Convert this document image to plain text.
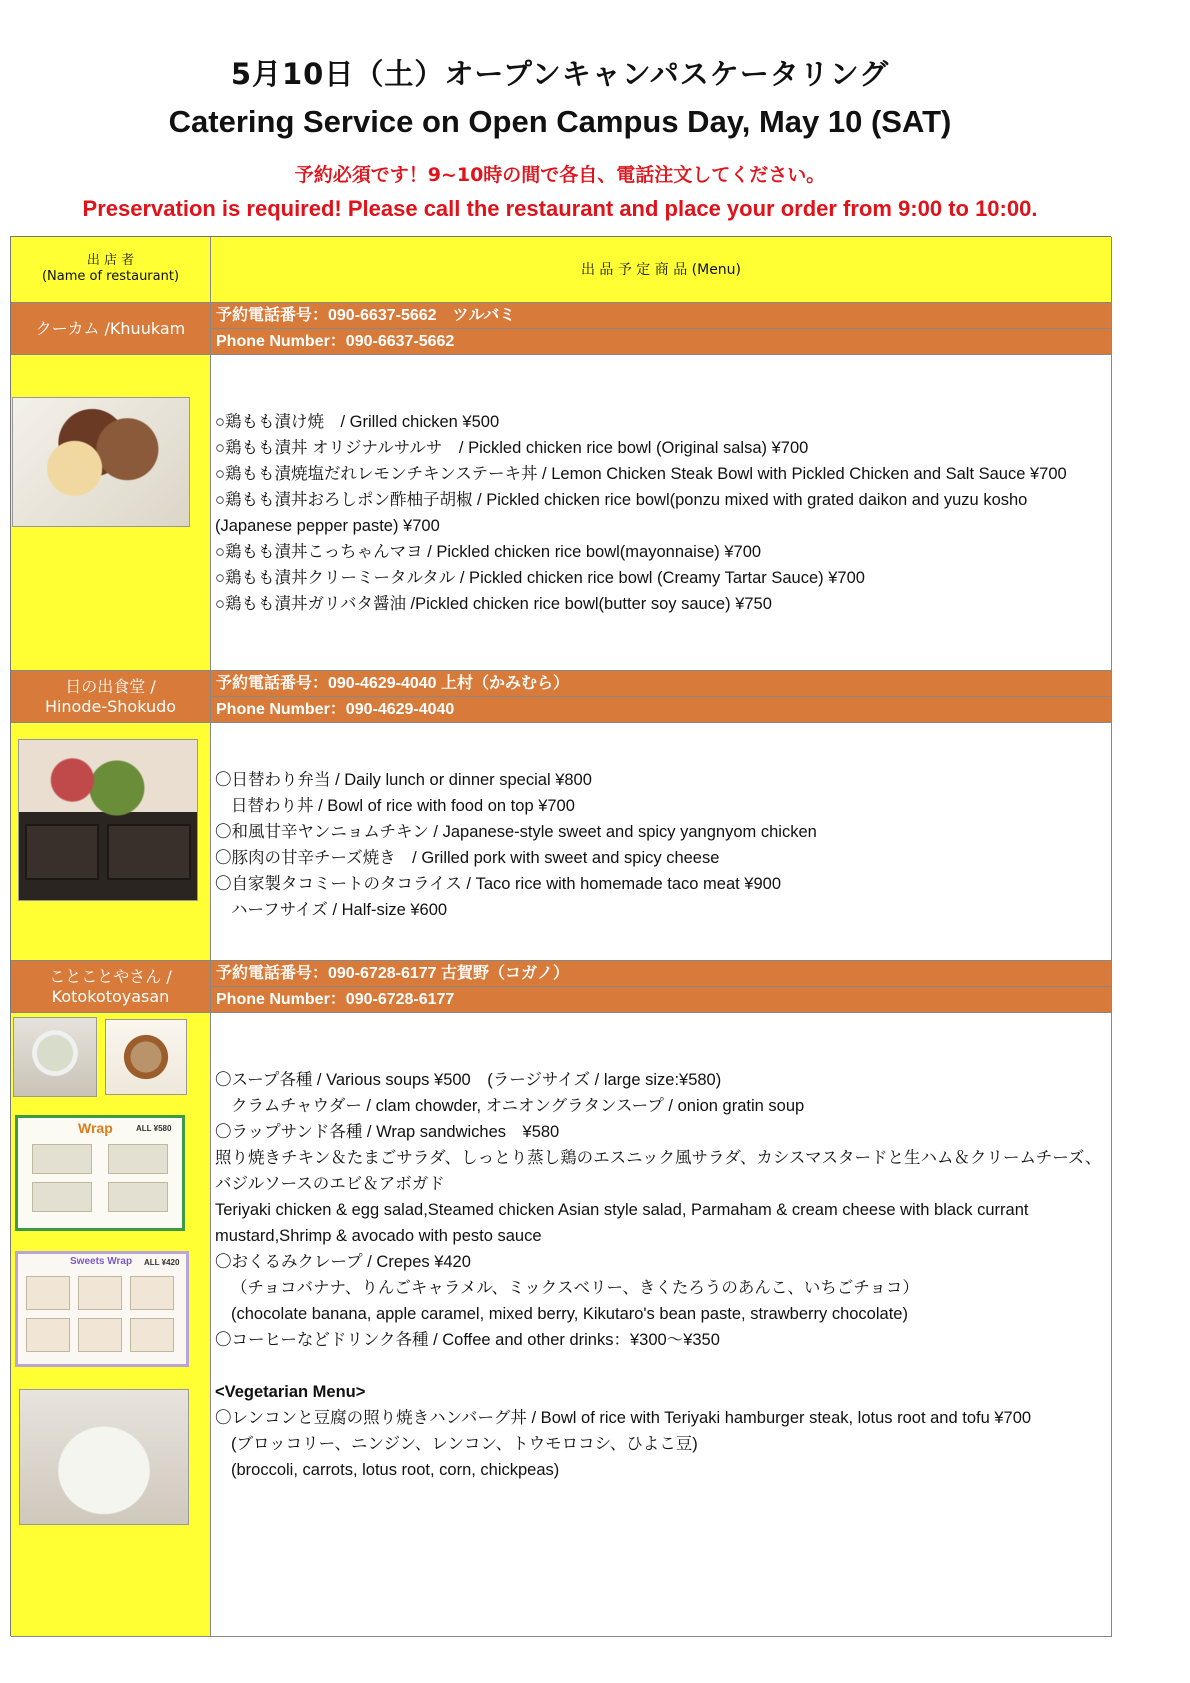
5月10日（土）オープンキャンパスケータリング
Catering Service on Open Campus Day, May 10 (SAT)
予約必須です！9~10時の間で各自、電話注文してください。
Preservation is required! Please call the restaurant and place your order from 9:00 to 10:00.
出 店 者
(Name of restaurant)	出 品 予 定 商 品 (Menu)
クーカム /Khuukam
予約電話番号：090-6637-5662　ツルバミ
Phone Number：090-6637-5662
○鶏もも漬け焼　/ Grilled chicken ¥500
○鶏もも漬丼 オリジナルサルサ　/ Pickled chicken rice bowl (Original salsa) ¥700
○鶏もも漬焼塩だれレモンチキンステーキ丼 / Lemon Chicken Steak Bowl with Pickled Chicken and Salt Sauce ¥700
○鶏もも漬丼おろしポン酢柚子胡椒 / Pickled chicken rice bowl(ponzu mixed with grated daikon and yuzu kosho (Japanese pepper paste) ¥700
○鶏もも漬丼こっちゃんマヨ / Pickled chicken rice bowl(mayonnaise) ¥700
○鶏もも漬丼クリーミータルタル / Pickled chicken rice bowl (Creamy Tartar Sauce) ¥700
○鶏もも漬丼ガリバタ醤油 /Pickled chicken rice bowl(butter soy sauce) ¥750
日の出食堂 /
Hinode-Shokudo
予約電話番号：090-4629-4040 上村（かみむら）
Phone Number：090-4629-4040
〇日替わり弁当 / Daily lunch or dinner special ¥800
日替わり丼 / Bowl of rice with food on top ¥700
〇和風甘辛ヤンニョムチキン / Japanese-style sweet and spicy yangnyom chicken
〇豚肉の甘辛チーズ焼き　/ Grilled pork with sweet and spicy cheese
〇自家製タコミートのタコライス / Taco rice with homemade taco meat ¥900
ハーフサイズ / Half-size ¥600
ことことやさん /
Kotokotoyasan
予約電話番号：090-6728-6177 古賀野（コガノ）
Phone Number：090-6728-6177
Wrap	ALL ¥580
Sweets Wrap ALL ¥420
〇スープ各種 / Various soups ¥500　(ラージサイズ / large size:¥580)
クラムチャウダー / clam chowder, オニオングラタンスープ / onion gratin soup
〇ラップサンド各種 / Wrap sandwiches　¥580
照り焼きチキン＆たまごサラダ、しっとり蒸し鶏のエスニック風サラダ、カシスマスタードと生ハム＆クリームチーズ、バジルソースのエビ＆アボガド
Teriyaki chicken & egg salad,Steamed chicken Asian style salad, Parmaham & cream cheese with black currant mustard,Shrimp & avocado with pesto sauce
〇おくるみクレープ / Crepes ¥420
（チョコバナナ、りんごキャラメル、ミックスベリー、きくたろうのあんこ、いちごチョコ）
(chocolate banana, apple caramel, mixed berry, Kikutaro's bean paste, strawberry chocolate)
〇コーヒーなどドリンク各種 / Coffee and other drinks：¥300～¥350
<Vegetarian Menu>
〇レンコンと豆腐の照り焼きハンバーグ丼 / Bowl of rice with Teriyaki hamburger steak, lotus root and tofu ¥700
(ブロッコリー、ニンジン、レンコン、トウモロコシ、ひよこ豆)
(broccoli, carrots, lotus root, corn, chickpeas)
